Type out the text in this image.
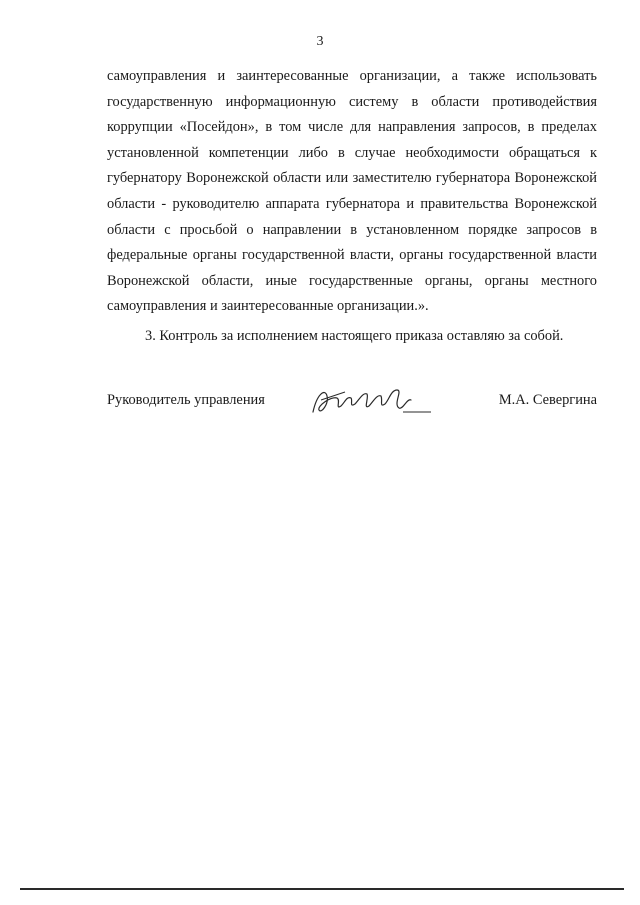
3

самоуправления и заинтересованные организации, а также использовать
государственную информационную систему в области противодействия
коррупции «Посейдон», в том числе для направления запросов, в пределах
установленной компетенции либо в случае необходимости обращаться к
губернатору Воронежской области или заместителю губернатора Воронежской
области - руководителю аппарата губернатора и правительства Воронежской
области с просьбой о направлении в установленном порядке запросов в
федеральные органы государственной власти, органы государственной власти
Воронежской области, иные государственные органы, органы местного
самоуправления и заинтересованные организации.».

3. Контроль за исполнением настоящего приказа оставляю за собой.

Руководитель управления	М.А. Севергина
